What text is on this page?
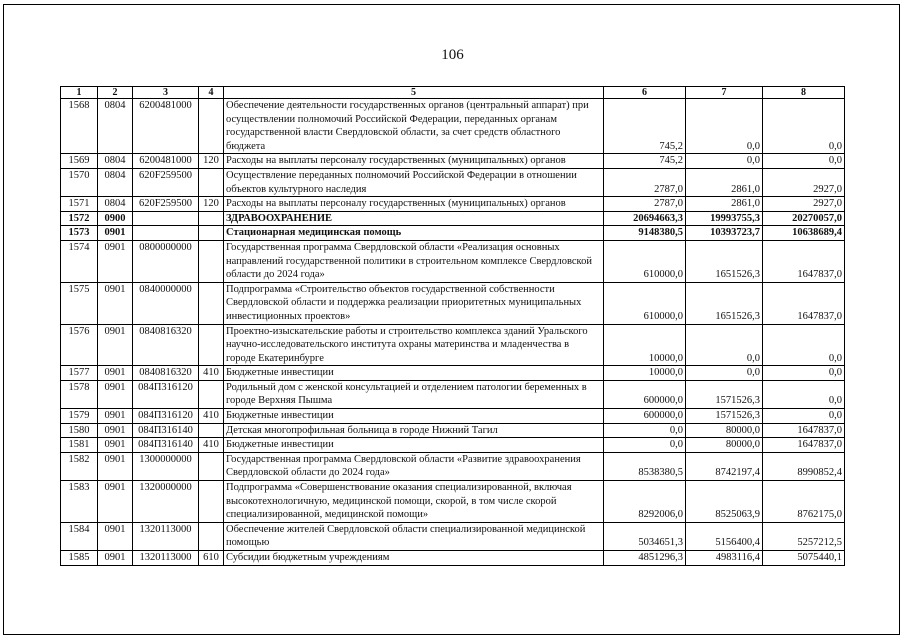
106
1	2	3	4	5	6	7	8
1568	0804	6200481000		Обеспечение деятельности государственных органов (центральный аппарат) при осуществлении полномочий Российской Федерации, переданных органам государственной власти Свердловской области, за счет средств областного бюджета	745,2	0,0	0,0
1569	0804	6200481000	120	Расходы на выплаты персоналу государственных (муниципальных) органов	745,2	0,0	0,0
1570	0804	620F259500		Осуществление переданных полномочий Российской Федерации в отношении объектов культурного наследия	2787,0	2861,0	2927,0
1571	0804	620F259500	120	Расходы на выплаты персоналу государственных (муниципальных) органов	2787,0	2861,0	2927,0
1572	0900			ЗДРАВООХРАНЕНИЕ	20694663,3	19993755,3	20270057,0
1573	0901			Стационарная медицинская помощь	9148380,5	10393723,7	10638689,4
1574	0901	0800000000		Государственная программа Свердловской области «Реализация основных направлений государственной политики в строительном комплексе Свердловской области до 2024 года»	610000,0	1651526,3	1647837,0
1575	0901	0840000000		Подпрограмма «Строительство объектов государственной собственности Свердловской области и поддержка реализации приоритетных муниципальных инвестиционных проектов»	610000,0	1651526,3	1647837,0
1576	0901	0840816320		Проектно-изыскательские работы и строительство комплекса зданий Уральского научно-исследовательского института охраны материнства и младенчества в городе Екатеринбурге	10000,0	0,0	0,0
1577	0901	0840816320	410	Бюджетные инвестиции	10000,0	0,0	0,0
1578	0901	084П316120		Родильный дом с женской консультацией и отделением патологии беременных в городе Верхняя Пышма	600000,0	1571526,3	0,0
1579	0901	084П316120	410	Бюджетные инвестиции	600000,0	1571526,3	0,0
1580	0901	084П316140		Детская многопрофильная больница в городе Нижний Тагил	0,0	80000,0	1647837,0
1581	0901	084П316140	410	Бюджетные инвестиции	0,0	80000,0	1647837,0
1582	0901	1300000000		Государственная программа Свердловской области «Развитие здравоохранения Свердловской области до 2024 года»	8538380,5	8742197,4	8990852,4
1583	0901	1320000000		Подпрограмма «Совершенствование оказания специализированной, включая высокотехнологичную, медицинской помощи, скорой, в том числе скорой специализированной, медицинской помощи»	8292006,0	8525063,9	8762175,0
1584	0901	1320113000		Обеспечение жителей Свердловской области специализированной медицинской помощью	5034651,3	5156400,4	5257212,5
1585	0901	1320113000	610	Субсидии бюджетным учреждениям	4851296,3	4983116,4	5075440,1
